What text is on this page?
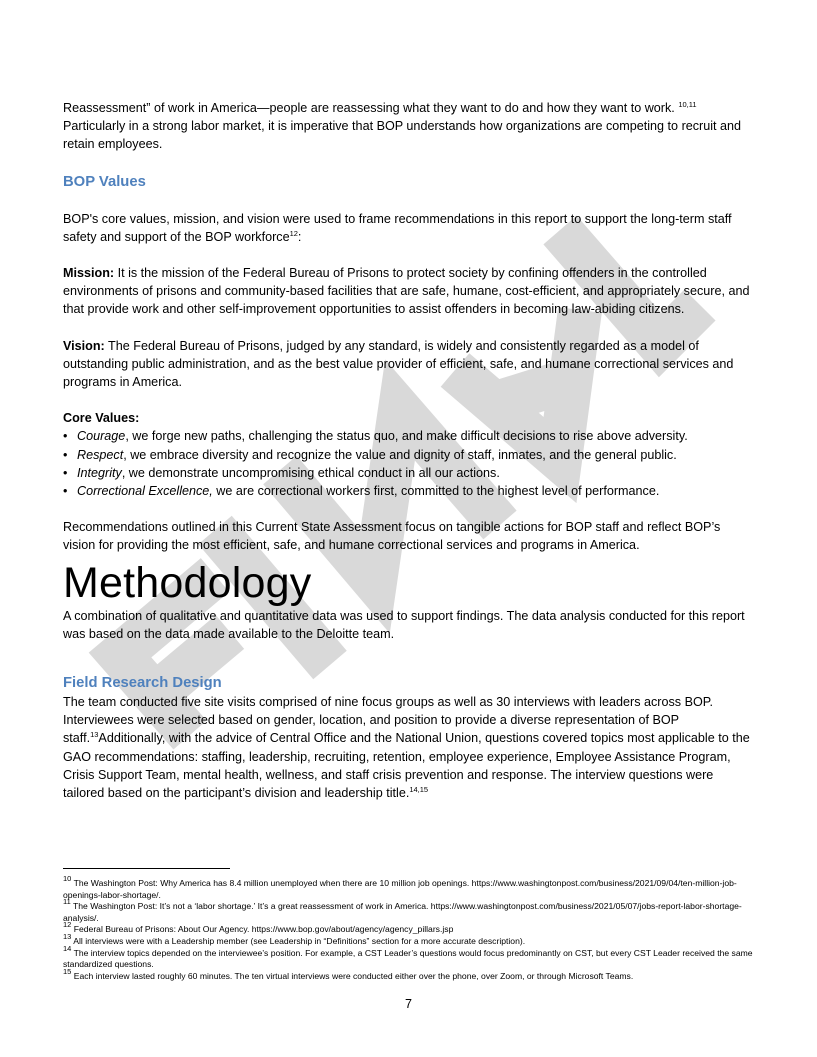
Reassessment” of work in America—people are reassessing what they want to do and how they want to work. $^{10,11}$
Particularly in a strong labor market, it is imperative that BOP understands how organizations are competing to recruit and retain employees.

BOP Values

BOP's core values, mission, and vision were used to frame recommendations in this report to support the long-term staff safety and support of the BOP workforce$^{12}$:

Mission: It is the mission of the Federal Bureau of Prisons to protect society by confining offenders in the controlled environments of prisons and community-based facilities that are safe, humane, cost-efficient, and appropriately secure, and that provide work and other self-improvement opportunities to assist offenders in becoming law-abiding citizens.

Vision: The Federal Bureau of Prisons, judged by any standard, is widely and consistently regarded as a model of outstanding public administration, and as the best value provider of efficient, safe, and humane correctional services and programs in America.

Core Values:
• Courage, we forge new paths, challenging the status quo, and make difficult decisions to rise above adversity.
• Respect, we embrace diversity and recognize the value and dignity of staff, inmates, and the general public.
• Integrity, we demonstrate uncompromising ethical conduct in all our actions.
• Correctional Excellence, we are correctional workers first, committed to the highest level of performance.

Recommendations outlined in this Current State Assessment focus on tangible actions for BOP staff and reflect BOP’s vision for providing the most efficient, safe, and humane correctional services and programs in America.

Methodology

A combination of qualitative and quantitative data was used to support findings. The data analysis conducted for this report was based on the data made available to the Deloitte team.

Field Research Design

The team conducted five site visits comprised of nine focus groups as well as 30 interviews with leaders across BOP. Interviewees were selected based on gender, location, and position to provide a diverse representation of BOP staff.$^{13}$Additionally, with the advice of Central Office and the National Union, questions covered topics most applicable to the GAO recommendations: staffing, leadership, recruiting, retention, employee experience, Employee Assistance Program, Crisis Support Team, mental health, wellness, and staff crisis prevention and response. The interview questions were tailored based on the participant’s division and leadership title.$^{14,15}$

$^{10}$ The Washington Post: Why America has 8.4 million unemployed when there are 10 million job openings. https://www.washingtonpost.com/business/2021/09/04/ten-million-job-openings-labor-shortage/.

$^{11}$ The Washington Post: It’s not a ‘labor shortage.’ It’s a great reassessment of work in America. https://www.washingtonpost.com/business/2021/05/07/jobs-report-labor-shortage-analysis/.

$^{12}$ Federal Bureau of Prisons: About Our Agency. https://www.bop.gov/about/agency/agency_pillars.jsp

$^{13}$ All interviews were with a Leadership member (see Leadership in “Definitions” section for a more accurate description).

$^{14}$ The interview topics depended on the interviewee’s position. For example, a CST Leader’s questions would focus predominantly on CST, but every CST Leader received the same standardized questions.

$^{15}$ Each interview lasted roughly 60 minutes. The ten virtual interviews were conducted either over the phone, over Zoom, or through Microsoft Teams.

7
